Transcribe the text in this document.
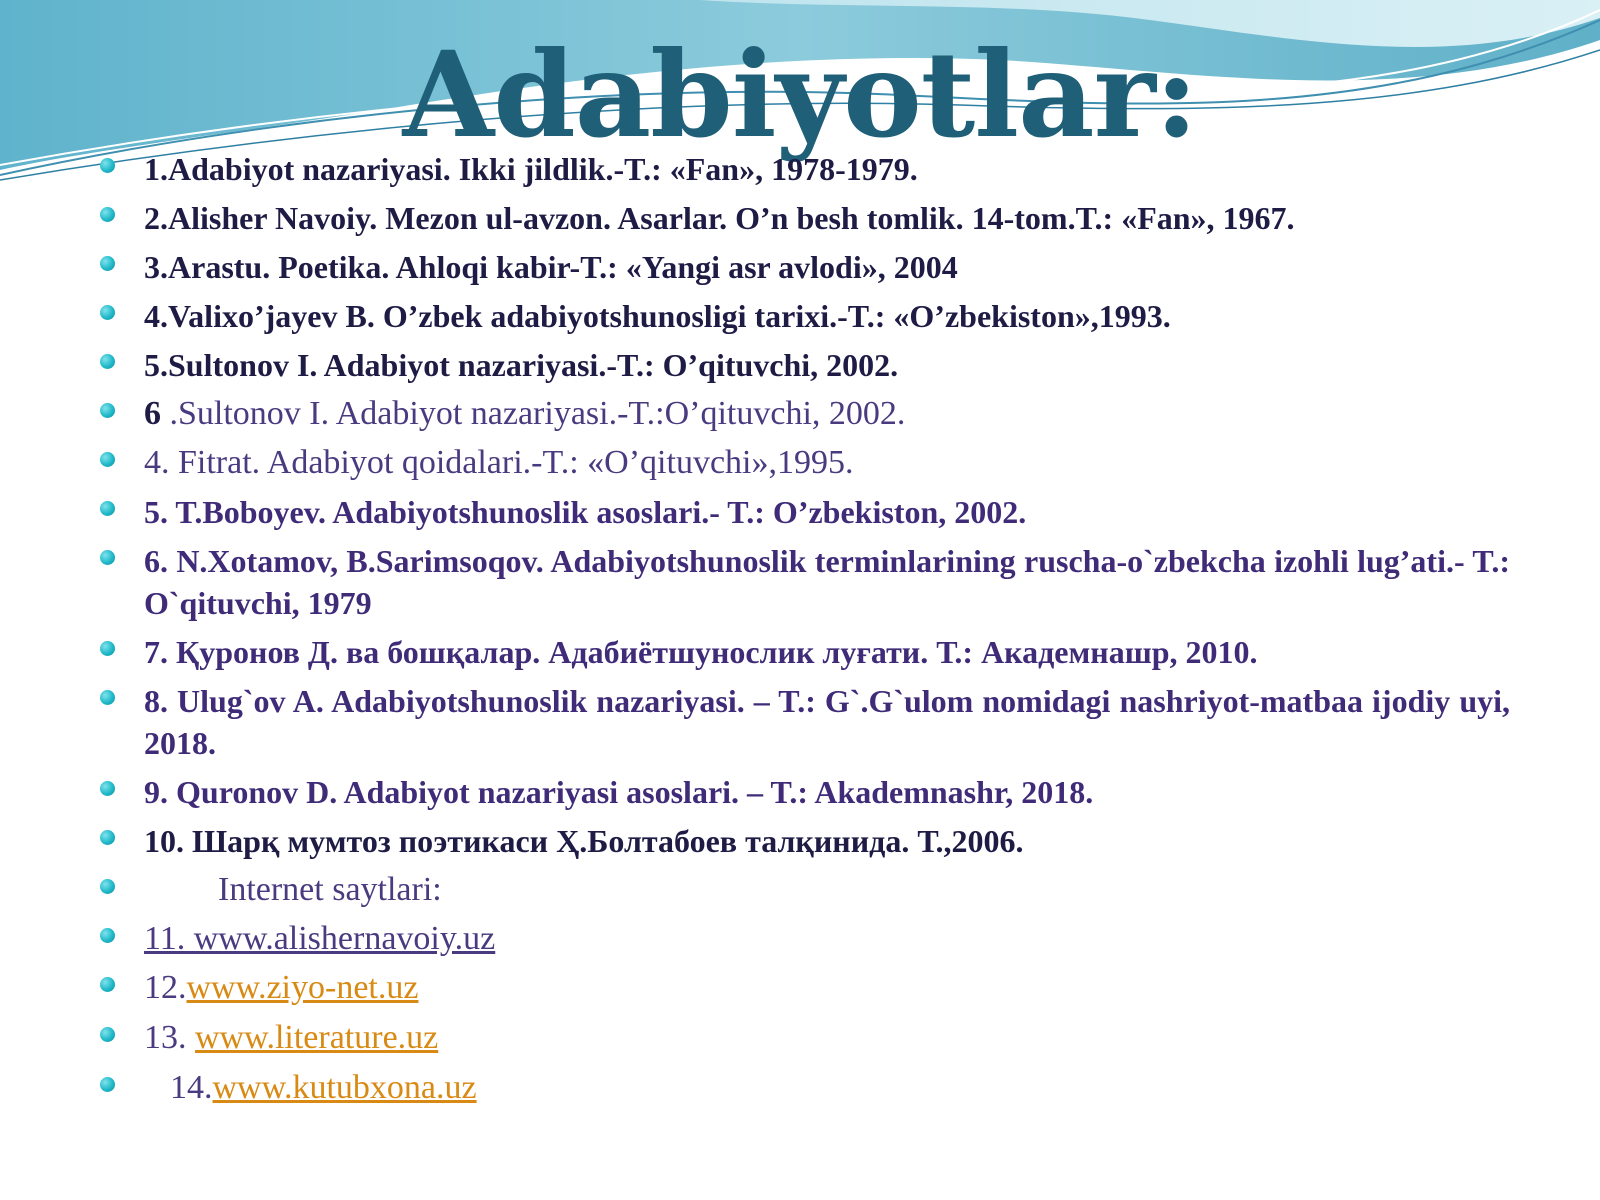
Adabiyotlar:
1.Adabiyot nazariyasi. Ikki jildlik.-T.: «Fan», 1978-1979.
2.Alisher Navoiy. Mezon ul-avzon. Asarlar. O’n besh tomlik. 14-tom.T.: «Fan», 1967.
3.Arastu. Poetika. Ahloqi kabir-T.: «Yangi asr avlodi», 2004
4.Valixo’jayev B. O’zbek adabiyotshunosligi tarixi.-T.: «O’zbekiston»,1993.
5.Sultonov I. Adabiyot nazariyasi.-T.: O’qituvchi, 2002.
6 .Sultonov I. Adabiyot nazariyasi.-T.:O’qituvchi, 2002.
4. Fitrat. Adabiyot qoidalari.-T.: «O’qituvchi»,1995.
5. T.Boboyev. Adabiyotshunoslik asoslari.- T.: O’zbekiston, 2002.
6. N.Xotamov, B.Sarimsoqov. Adabiyotshunoslik terminlarining ruscha-o`zbekcha izohli lug’ati.- T.: O`qituvchi, 1979
7. Қуронов Д. ва бошқалар. Адабиётшунослик луғати. Т.: Академнашр, 2010.
8. Ulug`ov A. Adabiyotshunoslik nazariyasi. – T.: G`.G`ulom nomidagi nashriyot-matbaa ijodiy uyi, 2018.
9. Quronov D. Adabiyot nazariyasi asoslari. – T.: Akademnashr, 2018.
10. Шарқ мумтоз поэтикаси Ҳ.Болтабоев талқинида. Т.,2006.
Internet saytlari:
11. www.alishernavoiy.uz
12.www.ziyo-net.uz
13. www.literature.uz
14.www.kutubxona.uz
